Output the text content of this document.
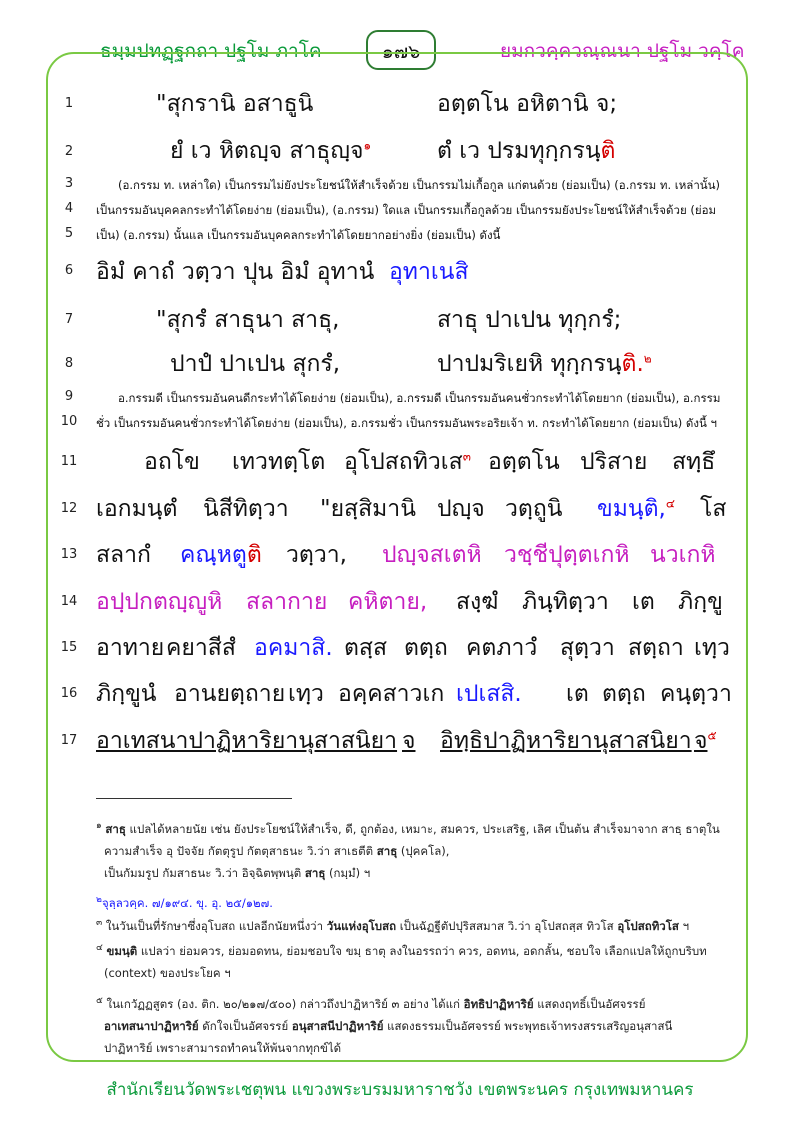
ธมฺมปทฏฺฐกถา ปฐโม ภาโค	๑๗๖	ยมกวคฺควณฺณนา ปฐโม วคฺโค
1
2
3
4
5
6
7
8
9
10
11
12
13
14
15
16
17
"สุกรานิ อสาธูนิ	อตฺตโน อหิตานิ จ;
ยํ เว หิตญฺจ สาธุญฺจ$^๑$	ตํ เว ปรมทุกฺกรนฺติ
(อ.กรรม ท. เหล่าใด) เป็นกรรมไม่ยังประโยชน์ให้สำเร็จด้วย เป็นกรรมไม่เกื้อกูล แก่ตนด้วย (ย่อมเป็น) (อ.กรรม ท. เหล่านั้น)
เป็นกรรมอันบุคคลกระทำได้โดยง่าย (ย่อมเป็น), (อ.กรรม) ใดแล เป็นกรรมเกื้อกูลด้วย เป็นกรรมยังประโยชน์ให้สำเร็จด้วย (ย่อม
เป็น) (อ.กรรม) นั้นแล เป็นกรรมอันบุคคลกระทำได้โดยยากอย่างยิ่ง (ย่อมเป็น) ดังนี้
อิมํ คาถํ วตฺวา ปุน อิมํ อุทานํ อุทาเนสิ
"สุกรํ สาธุนา สาธุ,	สาธุ ปาเปน ทุกฺกรํ;
ปาปํ ปาเปน สุกรํ,	ปาปมริเยหิ ทุกฺกรนฺติ.$^๒$
อ.กรรมดี เป็นกรรมอันคนดีกระทำได้โดยง่าย (ย่อมเป็น), อ.กรรมดี เป็นกรรมอันคนชั่วกระทำได้โดยยาก (ย่อมเป็น), อ.กรรม
ชั่ว เป็นกรรมอันคนชั่วกระทำได้โดยง่าย (ย่อมเป็น), อ.กรรมชั่ว เป็นกรรมอันพระอริยเจ้า ท. กระทำได้โดยยาก (ย่อมเป็น) ดังนี้ ฯ
อถโข เทวทตฺโต อุโปสถทิวเส$^๓$ อตฺตโน ปริสาย สทฺธึ
เอกมนฺตํ นิสีทิตฺวา "ยสฺสิมานิ ปญฺจ วตฺถูนิ ขมนฺติ,$^๔$ โส
สลากํ คณฺหตูติ วตฺวา, ปญฺจสเตหิ วชฺชีปุตฺตเกหิ นวเกหิ
อปฺปกตญฺญูหิ สลากาย คหิตาย, สงฺฆํ ภินฺทิตฺวา เต ภิกฺขู
อาทาย คยาสีสํ อคมาสิ. ตสฺส ตตฺถ คตภาวํ สุตฺวา สตฺถา เทฺว
ภิกฺขูนํ อานยตฺถาย เทฺว อคฺคสาวเก เปเสสิ. เต ตตฺถ คนฺตฺวา
อาเทสนาปาฏิหาริยานุสาสนิยา จ อิทฺธิปาฏิหาริยานุสาสนิยา จ$^๕$
$^๑$ สาธุ แปลได้หลายนัย เช่น ยังประโยชน์ให้สำเร็จ, ดี, ถูกต้อง, เหมาะ, สมควร, ประเสริฐ, เลิศ เป็นต้น สำเร็จมาจาก สาธฺ ธาตุใน
ความสำเร็จ อุ ปัจจัย กัตตุรูป กัตตุสาธนะ วิ.ว่า สาเธตีติ สาธุ (ปุคคโล),
เป็นกัมมรูป กัมสาธนะ วิ.ว่า อิจฺฉิตพฺพนฺติ สาธุ (กมฺมํ) ฯ
$^๒$จุลฺลวคฺค. ๗/๑๙๔. ขุ. อุ. ๒๕/๑๒๗.
$^๓$ ในวันเป็นที่รักษาซึ่งอุโบสถ แปลอีกนัยหนึ่งว่า วันแห่งอุโบสถ เป็นฉัฏฐีตัปปุริสสมาส วิ.ว่า อุโปสถสฺส ทิวโส อุโปสถทิวโส ฯ
$^๔$ ขมนฺติ แปลว่า ย่อมควร, ย่อมอดทน, ย่อมชอบใจ ขมฺ ธาตุ ลงในอรรถว่า ควร, อดทน, อดกลั้น, ชอบใจ เลือกแปลให้ถูกบริบท
(context) ของประโยค ฯ
$^๕$ ในเกวัฏฏสูตร (อง. ติก. ๒๐/๒๑๗/๕๐๐) กล่าวถึงปาฏิหาริย์ ๓ อย่าง ได้แก่ อิทธิปาฏิหาริย์ แสดงฤทธิ์เป็นอัศจรรย์
อาเทสนาปาฏิหาริย์ ดักใจเป็นอัศจรรย์ อนุสาสนีปาฏิหาริย์ แสดงธรรมเป็นอัศจรรย์ พระพุทธเจ้าทรงสรรเสริญอนุสาสนี
ปาฏิหาริย์ เพราะสามารถทำคนให้พ้นจากทุกข์ได้
สำนักเรียนวัดพระเชตุพน แขวงพระบรมมหาราชวัง เขตพระนคร กรุงเทพมหานคร
